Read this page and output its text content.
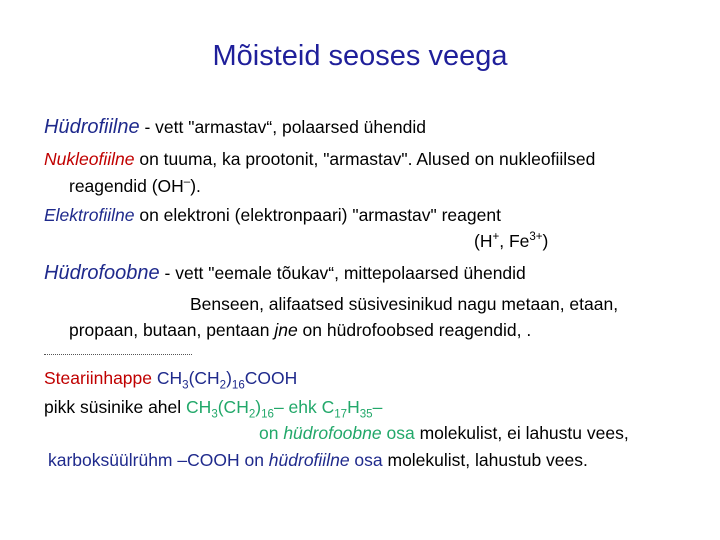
Mõisteid seoses veega
Hüdrofiilne - vett "armastav“, polaarsed ühendid
Nukleofiilne on tuuma, ka prootonit, "armastav". Alused on nukleofiilsed
reagendid (OH–).
Elektrofiilne on elektroni (elektronpaari) "armastav" reagent
(H+, $Fe^{3+}$)
Hüdrofoobne - vett "eemale tõukav“, mittepolaarsed ühendid
Benseen, alifaatsed süsivesinikud nagu metaan, etaan,
propaan, butaan, pentaan jne on hüdrofoobsed reagendid, .
Steariinhappe $CH_3(CH_2)_{16}COOH$
pikk süsinike ahel $CH_3(CH_2)_{16}-$ ehk $C_{17}H_{35}-$
on hüdrofoobne osa molekulist, ei lahustu vees,
karboksüülrühm –COOH on hüdrofiilne osa molekulist, lahustub vees.
